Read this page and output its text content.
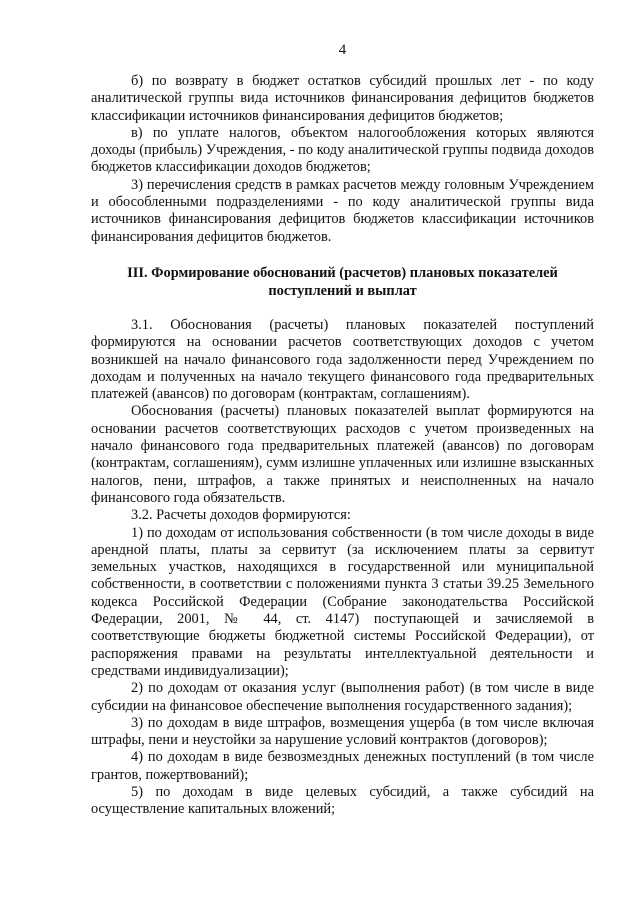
4

б) по возврату в бюджет остатков субсидий прошлых лет - по коду аналитической группы вида источников финансирования дефицитов бюджетов классификации источников финансирования дефицитов бюджетов;

в) по уплате налогов, объектом налогообложения которых являются доходы (прибыль) Учреждения, - по коду аналитической группы подвида доходов бюджетов классификации доходов бюджетов;

3) перечисления средств в рамках расчетов между головным Учреждением и обособленными подразделениями - по коду аналитической группы вида источников финансирования дефицитов бюджетов классификации источников финансирования дефицитов бюджетов.

III. Формирование обоснований (расчетов) плановых показателей поступлений и выплат

3.1. Обоснования (расчеты) плановых показателей поступлений формируются на основании расчетов соответствующих доходов с учетом возникшей на начало финансового года задолженности перед Учреждением по доходам и полученных на начало текущего финансового года предварительных платежей (авансов) по договорам (контрактам, соглашениям).

Обоснования (расчеты) плановых показателей выплат формируются на основании расчетов соответствующих расходов с учетом произведенных на начало финансового года предварительных платежей (авансов) по договорам (контрактам, соглашениям), сумм излишне уплаченных или излишне взысканных налогов, пени, штрафов, а также принятых и неисполненных на начало финансового года обязательств.

3.2. Расчеты доходов формируются:

1) по доходам от использования собственности (в том числе доходы в виде арендной платы, платы за сервитут (за исключением платы за сервитут земельных участков, находящихся в государственной или муниципальной собственности, в соответствии с положениями пункта 3 статьи 39.25 Земельного кодекса Российской Федерации (Собрание законодательства Российской Федерации, 2001, № 44, ст. 4147) поступающей и зачисляемой в соответствующие бюджеты бюджетной системы Российской Федерации), от распоряжения правами на результаты интеллектуальной деятельности и средствами индивидуализации);

2) по доходам от оказания услуг (выполнения работ) (в том числе в виде субсидии на финансовое обеспечение выполнения государственного задания);

3) по доходам в виде штрафов, возмещения ущерба (в том числе включая штрафы, пени и неустойки за нарушение условий контрактов (договоров);

4) по доходам в виде безвозмездных денежных поступлений (в том числе грантов, пожертвований);

5) по доходам в виде целевых субсидий, а также субсидий на осуществление капитальных вложений;
